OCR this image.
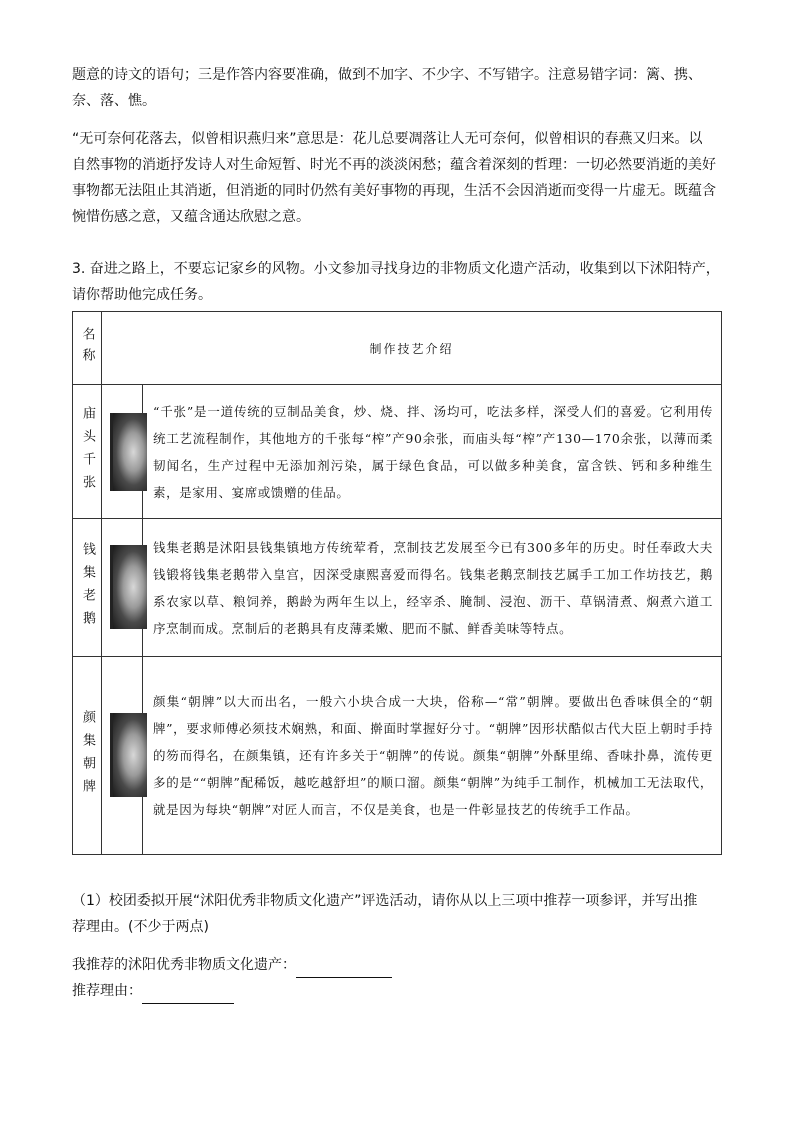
题意的诗文的语句；三是作答内容要准确，做到不加字、不少字、不写错字。注意易错字词：篱、携、
奈、落、憔。
“无可奈何花落去，似曾相识燕归来”意思是：花儿总要凋落让人无可奈何，似曾相识的春燕又归来。以
自然事物的消逝抒发诗人对生命短暂、时光不再的淡淡闲愁；蕴含着深刻的哲理：一切必然要消逝的美好
事物都无法阻止其消逝，但消逝的同时仍然有美好事物的再现，生活不会因消逝而变得一片虚无。既蕴含
惋惜伤感之意，又蕴含通达欣慰之意。
3. 奋进之路上，不要忘记家乡的风物。小文参加寻找身边的非物质文化遗产活动，收集到以下沭阳特产，
请你帮助他完成任务。
名称	制作技艺介绍	
庙头千张		“千张”是一道传统的豆制品美食，炒、烧、拌、汤均可，吃法多样，深受人们的喜爱。它利用传统工艺流程制作，其他地方的千张每“榨”产90余张，而庙头每“榨”产130—170余张，以薄而柔韧闻名，生产过程中无添加剂污染，属于绿色食品，可以做多种美食，富含铁、钙和多种维生素，是家用、宴席或馈赠的佳品。
钱集老鹅		钱集老鹅是沭阳县钱集镇地方传统荤肴，烹制技艺发展至今已有300多年的历史。时任奉政大夫钱锻将钱集老鹅带入皇宫，因深受康熙喜爱而得名。钱集老鹅烹制技艺属手工加工作坊技艺，鹅系农家以草、粮饲养，鹅龄为两年生以上，经宰杀、腌制、浸泡、沥干、草锅清煮、焖煮六道工序烹制而成。烹制后的老鹅具有皮薄柔嫩、肥而不腻、鲜香美味等特点。
颜集朝牌		颜集“朝牌”以大而出名，一般六小块合成一大块，俗称—“常”朝牌。要做出色香味俱全的“朝牌”，要求师傅必须技术娴熟，和面、擀面时掌握好分寸。“朝牌”因形状酷似古代大臣上朝时手持的笏而得名，在颜集镇，还有许多关于“朝牌”的传说。颜集“朝牌”外酥里绵、香味扑鼻，流传更多的是““朝牌”配稀饭，越吃越舒坦”的顺口溜。颜集“朝牌”为纯手工制作，机械加工无法取代，就是因为每块“朝牌”对匠人而言，不仅是美食，也是一件彰显技艺的传统手工作品。
（1）校团委拟开展“沭阳优秀非物质文化遗产”评选活动，请你从以上三项中推荐一项参评，并写出推
荐理由。(不少于两点)
我推荐的沭阳优秀非物质文化遗产：
推荐理由：
